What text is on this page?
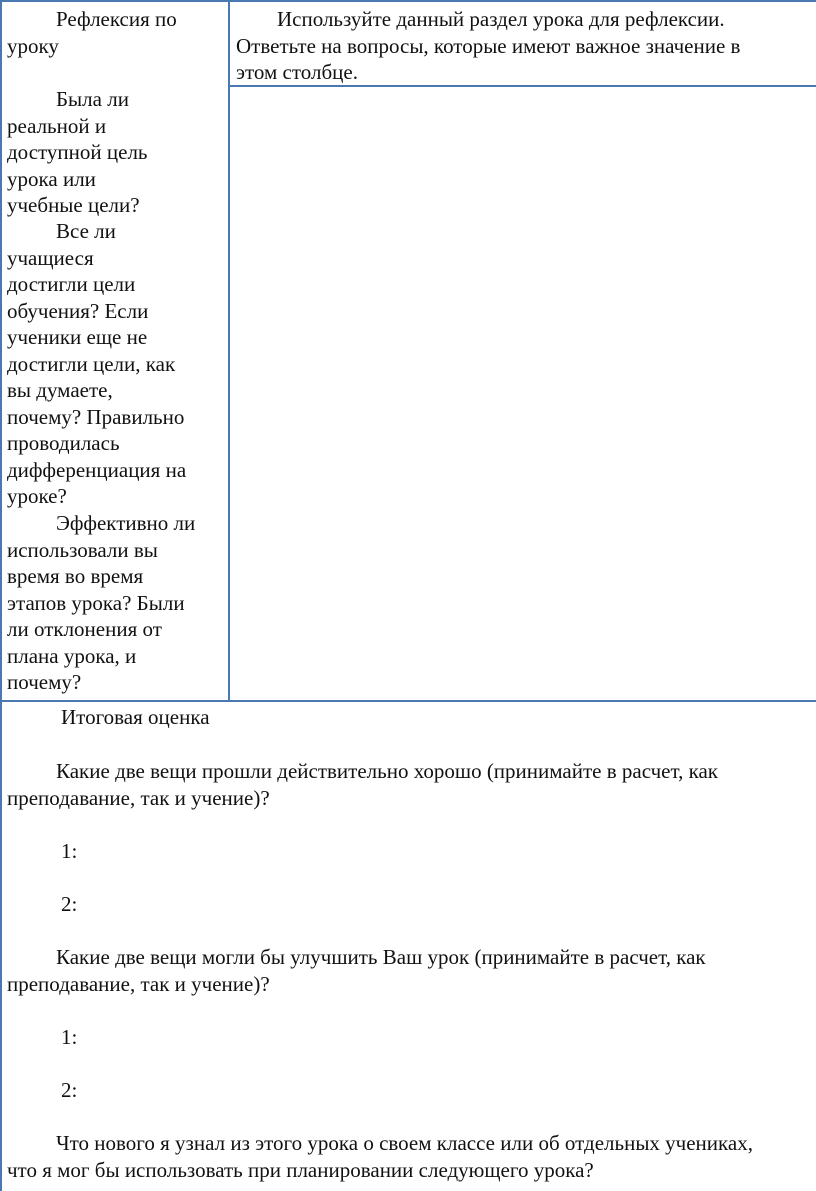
Рефлексия по
уроку
Была ли
реальной и
доступной цель
урока или
учебные цели?
Все ли
учащиеся
достигли цели
обучения? Если
ученики еще не
достигли цели, как
вы думаете,
почему? Правильно
проводилась
дифференциация на
уроке?
Эффективно ли
использовали вы
время во время
этапов урока? Были
ли отклонения от
плана урока, и
почему?
Используйте данный раздел урока для рефлексии.
Ответьте на вопросы, которые имеют важное значение в
этом столбце.

Итоговая оценка

Какие две вещи прошли действительно хорошо (принимайте в расчет, как
преподавание, так и учение)?

1:

2:

Какие две вещи могли бы улучшить Ваш урок (принимайте в расчет, как
преподавание, так и учение)?

1:

2:

Что нового я узнал из этого урока о своем классе или об отдельных учениках,
что я мог бы использовать при планировании следующего урока?
